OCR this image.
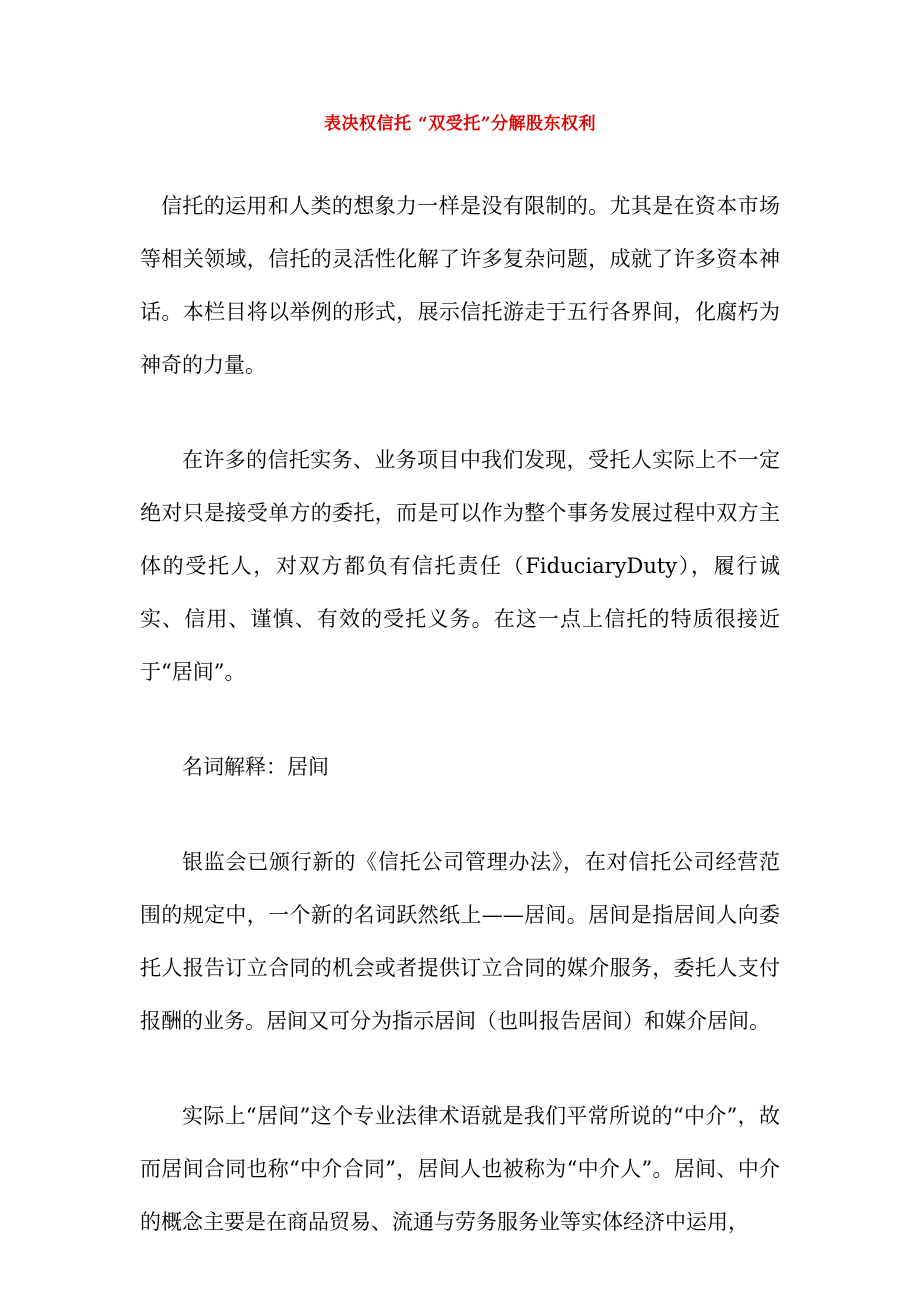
表决权信托 “双受托”分解股东权利

信托的运用和人类的想象力一样是没有限制的。尤其是在资本市场等相关领域，信托的灵活性化解了许多复杂问题，成就了许多资本神话。本栏目将以举例的形式，展示信托游走于五行各界间，化腐朽为神奇的力量。

在许多的信托实务、业务项目中我们发现，受托人实际上不一定绝对只是接受单方的委托，而是可以作为整个事务发展过程中双方主体的受托人，对双方都负有信托责任（FiduciaryDuty），履行诚实、信用、谨慎、有效的受托义务。在这一点上信托的特质很接近于“居间”。

名词解释：居间

银监会已颁行新的《信托公司管理办法》，在对信托公司经营范围的规定中，一个新的名词跃然纸上——居间。居间是指居间人向委托人报告订立合同的机会或者提供订立合同的媒介服务，委托人支付报酬的业务。居间又可分为指示居间（也叫报告居间）和媒介居间。

实际上“居间”这个专业法律术语就是我们平常所说的“中介”，故而居间合同也称“中介合同”，居间人也被称为“中介人”。居间、中介的概念主要是在商品贸易、流通与劳务服务业等实体经济中运用，
